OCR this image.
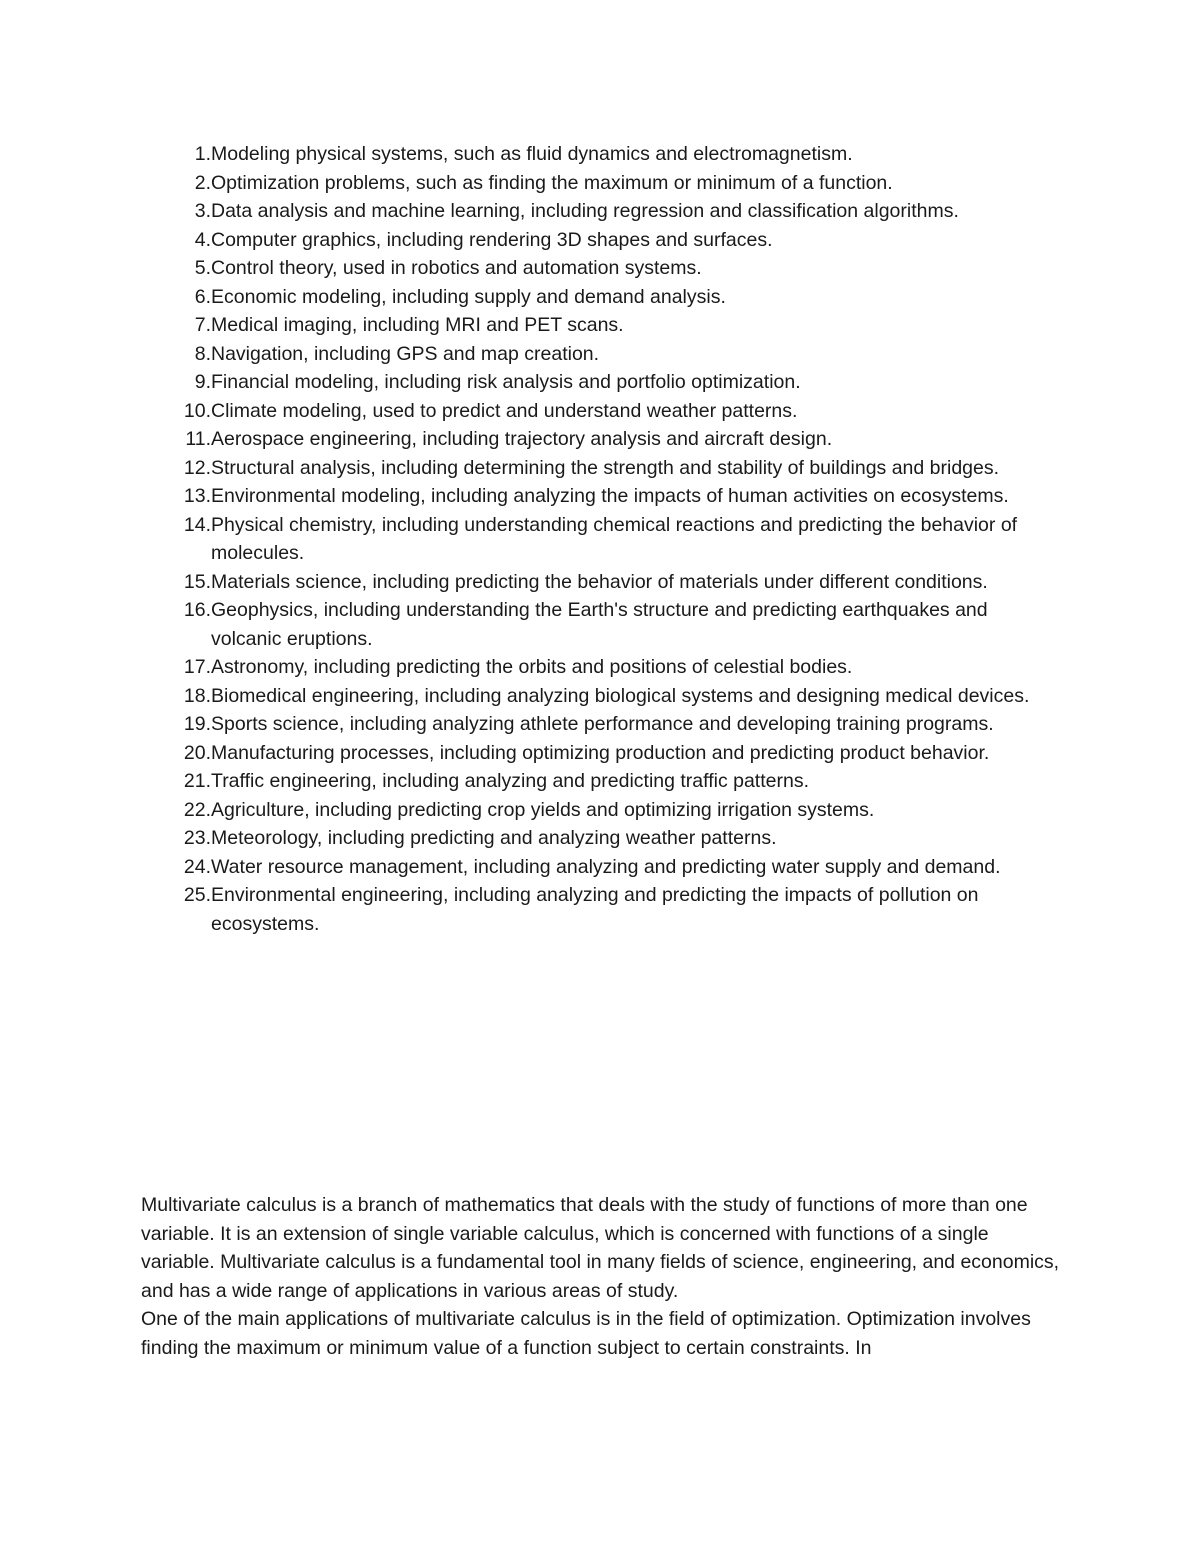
1. Modeling physical systems, such as fluid dynamics and electromagnetism.
2. Optimization problems, such as finding the maximum or minimum of a function.
3. Data analysis and machine learning, including regression and classification algorithms.
4. Computer graphics, including rendering 3D shapes and surfaces.
5. Control theory, used in robotics and automation systems.
6. Economic modeling, including supply and demand analysis.
7. Medical imaging, including MRI and PET scans.
8. Navigation, including GPS and map creation.
9. Financial modeling, including risk analysis and portfolio optimization.
10. Climate modeling, used to predict and understand weather patterns.
11. Aerospace engineering, including trajectory analysis and aircraft design.
12. Structural analysis, including determining the strength and stability of buildings and bridges.
13. Environmental modeling, including analyzing the impacts of human activities on ecosystems.
14. Physical chemistry, including understanding chemical reactions and predicting the behavior of molecules.
15. Materials science, including predicting the behavior of materials under different conditions.
16. Geophysics, including understanding the Earth's structure and predicting earthquakes and volcanic eruptions.
17. Astronomy, including predicting the orbits and positions of celestial bodies.
18. Biomedical engineering, including analyzing biological systems and designing medical devices.
19. Sports science, including analyzing athlete performance and developing training programs.
20. Manufacturing processes, including optimizing production and predicting product behavior.
21. Traffic engineering, including analyzing and predicting traffic patterns.
22. Agriculture, including predicting crop yields and optimizing irrigation systems.
23. Meteorology, including predicting and analyzing weather patterns.
24. Water resource management, including analyzing and predicting water supply and demand.
25. Environmental engineering, including analyzing and predicting the impacts of pollution on ecosystems.

Multivariate calculus is a branch of mathematics that deals with the study of functions of more than one variable. It is an extension of single variable calculus, which is concerned with functions of a single variable. Multivariate calculus is a fundamental tool in many fields of science, engineering, and economics, and has a wide range of applications in various areas of study.

One of the main applications of multivariate calculus is in the field of optimization. Optimization involves finding the maximum or minimum value of a function subject to certain constraints. In
